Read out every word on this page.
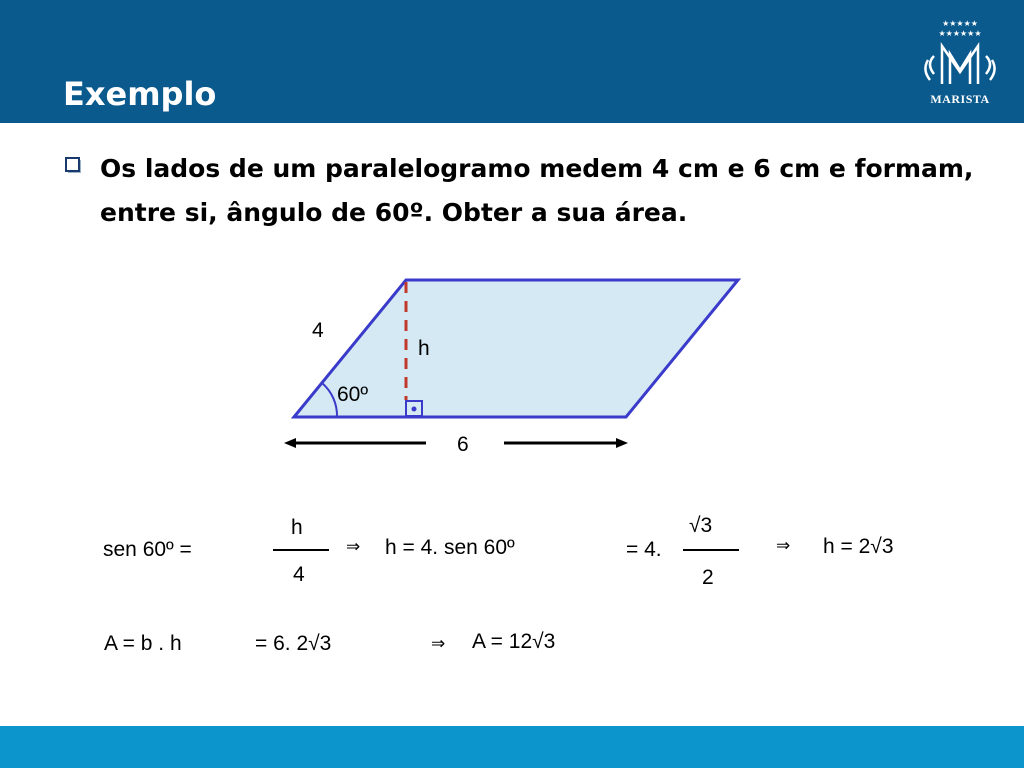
Exemplo
★★★★★
★★★★★★
MARISTA

Os lados de um paralelogramo medem 4 cm e 6 cm e formam, entre si, ângulo de 60º. Obter a sua área.

4
h
60º
6
sen 60º =
h
4
⇒ h = 4. sen 60º	= 4.
√3
2
⇒ h = 2√3
A = b . h	= 6. 2√3	⇒ A = 12√3
